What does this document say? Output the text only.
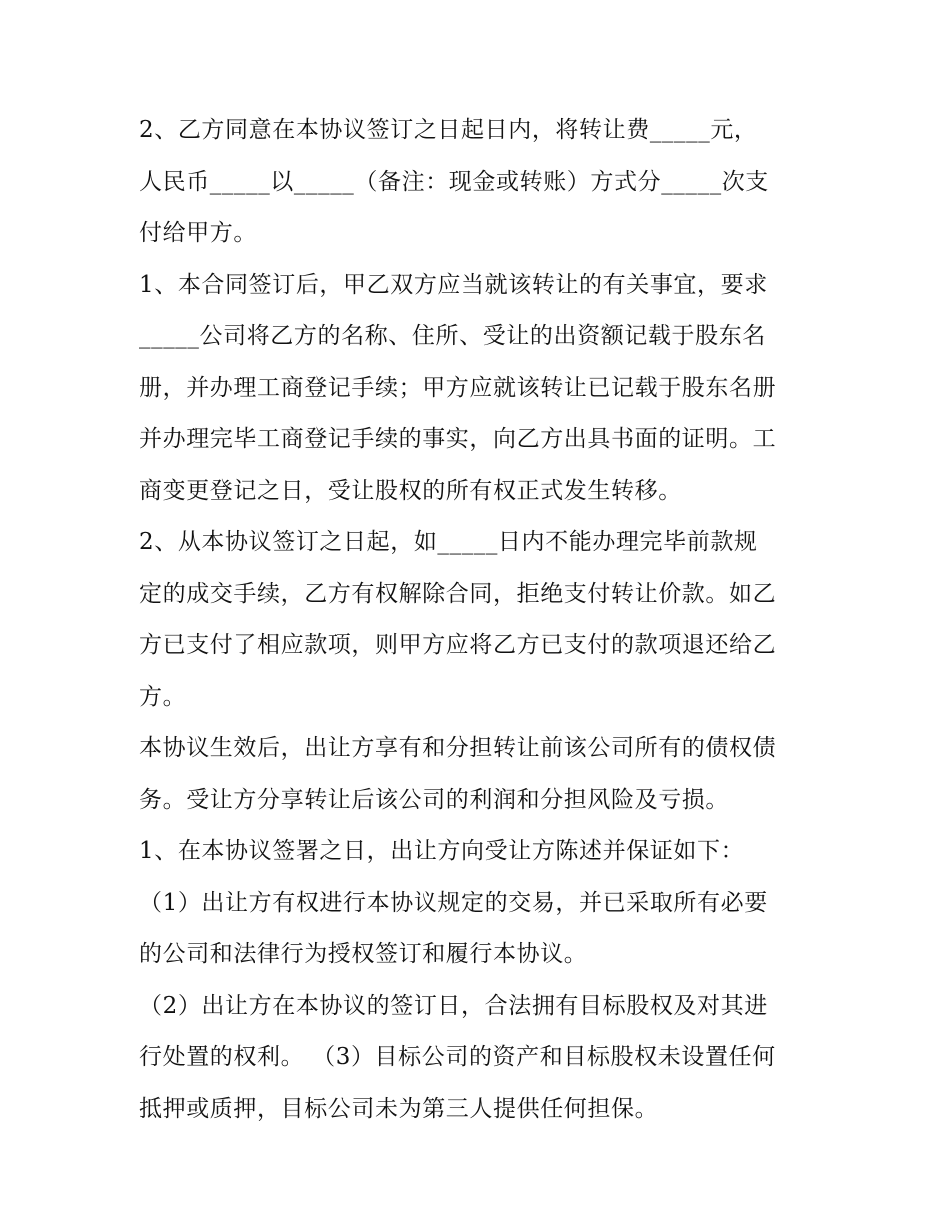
2、乙方同意在本协议签订之日起日内，将转让费_____元，
人民币_____以_____（备注：现金或转账）方式分_____次支
付给甲方。
1、本合同签订后，甲乙双方应当就该转让的有关事宜，要求
_____公司将乙方的名称、住所、受让的出资额记载于股东名
册，并办理工商登记手续；甲方应就该转让已记载于股东名册
并办理完毕工商登记手续的事实，向乙方出具书面的证明。工
商变更登记之日，受让股权的所有权正式发生转移。
2、从本协议签订之日起，如_____日内不能办理完毕前款规
定的成交手续，乙方有权解除合同，拒绝支付转让价款。如乙
方已支付了相应款项，则甲方应将乙方已支付的款项退还给乙
方。
本协议生效后，出让方享有和分担转让前该公司所有的债权债
务。受让方分享转让后该公司的利润和分担风险及亏损。
1、在本协议签署之日，出让方向受让方陈述并保证如下：
（1）出让方有权进行本协议规定的交易，并已采取所有必要
的公司和法律行为授权签订和履行本协议。
（2）出让方在本协议的签订日，合法拥有目标股权及对其进
行处置的权利。 （3）目标公司的资产和目标股权未设置任何
抵押或质押，目标公司未为第三人提供任何担保。
